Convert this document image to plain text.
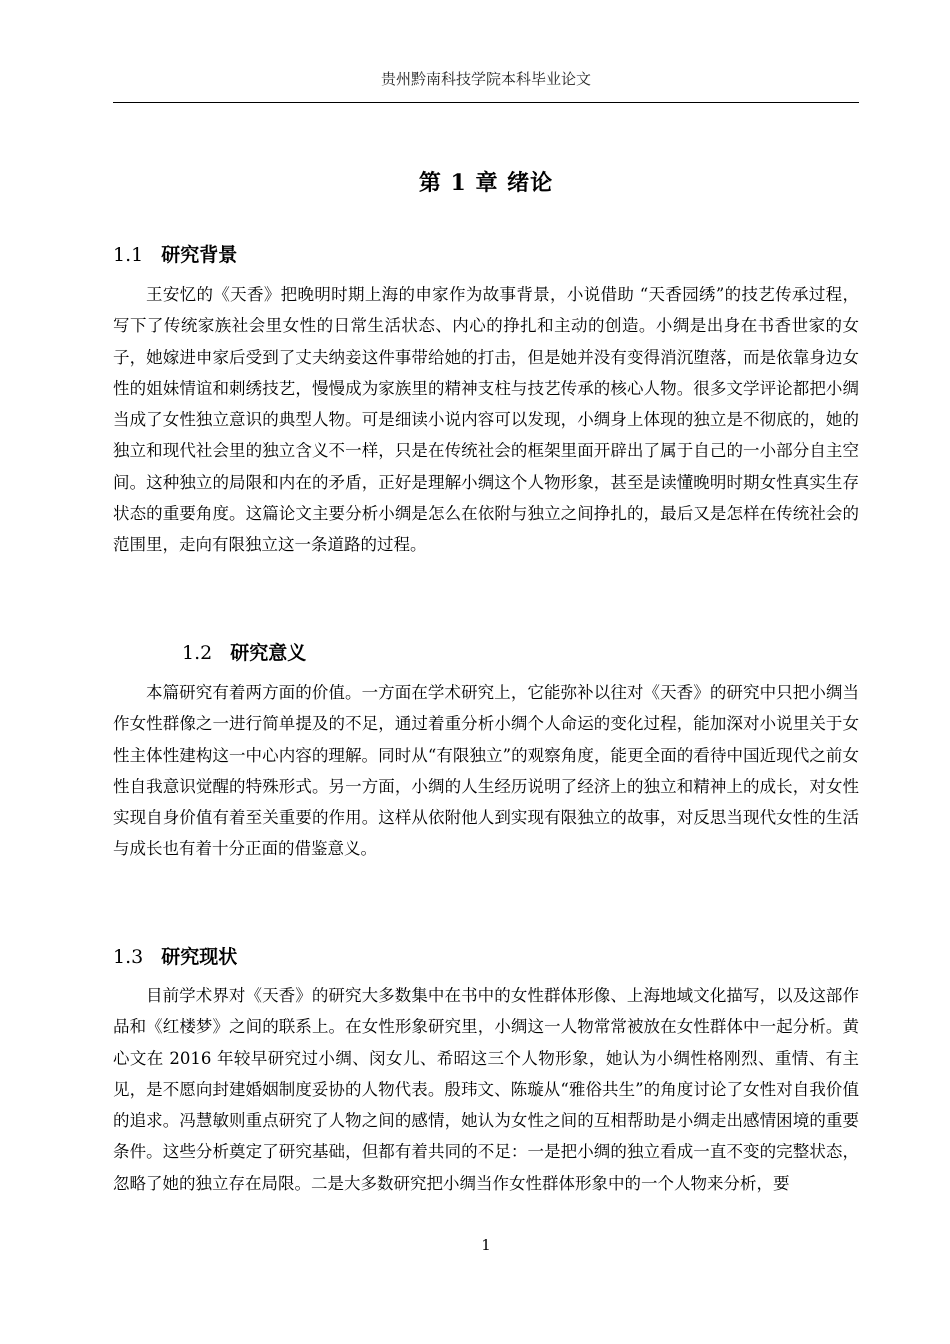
贵州黔南科技学院本科毕业论文
第 1 章 绪论
1.1 研究背景
王安忆的《天香》把晚明时期上海的申家作为故事背景，小说借助 “天香园绣”的技艺传承过程，写下了传统家族社会里女性的日常生活状态、内心的挣扎和主动的创造。小绸是出身在书香世家的女子，她嫁进申家后受到了丈夫纳妾这件事带给她的打击，但是她并没有变得消沉堕落，而是依靠身边女性的姐妹情谊和刺绣技艺，慢慢成为家族里的精神支柱与技艺传承的核心人物。很多文学评论都把小绸当成了女性独立意识的典型人物。可是细读小说内容可以发现，小绸身上体现的独立是不彻底的，她的独立和现代社会里的独立含义不一样，只是在传统社会的框架里面开辟出了属于自己的一小部分自主空间。这种独立的局限和内在的矛盾，正好是理解小绸这个人物形象，甚至是读懂晚明时期女性真实生存状态的重要角度。这篇论文主要分析小绸是怎么在依附与独立之间挣扎的，最后又是怎样在传统社会的范围里，走向有限独立这一条道路的过程。
1.2 研究意义
本篇研究有着两方面的价值。一方面在学术研究上，它能弥补以往对《天香》的研究中只把小绸当作女性群像之一进行简单提及的不足，通过着重分析小绸个人命运的变化过程，能加深对小说里关于女性主体性建构这一中心内容的理解。同时从“有限独立”的观察角度，能更全面的看待中国近现代之前女性自我意识觉醒的特殊形式。另一方面，小绸的人生经历说明了经济上的独立和精神上的成长，对女性实现自身价值有着至关重要的作用。这样从依附他人到实现有限独立的故事，对反思当现代女性的生活与成长也有着十分正面的借鉴意义。
1.3 研究现状
目前学术界对《天香》的研究大多数集中在书中的女性群体形像、上海地域文化描写，以及这部作品和《红楼梦》之间的联系上。在女性形象研究里，小绸这一人物常常被放在女性群体中一起分析。黄心文在 2016 年较早研究过小绸、闵女儿、希昭这三个人物形象，她认为小绸性格刚烈、重情、有主见，是不愿向封建婚姻制度妥协的人物代表。殷玮文、陈璇从“雅俗共生”的角度讨论了女性对自我价值的追求。冯慧敏则重点研究了人物之间的感情，她认为女性之间的互相帮助是小绸走出感情困境的重要条件。这些分析奠定了研究基础，但都有着共同的不足：一是把小绸的独立看成一直不变的完整状态，忽略了她的独立存在局限。二是大多数研究把小绸当作女性群体形象中的一个人物来分析，要
1
